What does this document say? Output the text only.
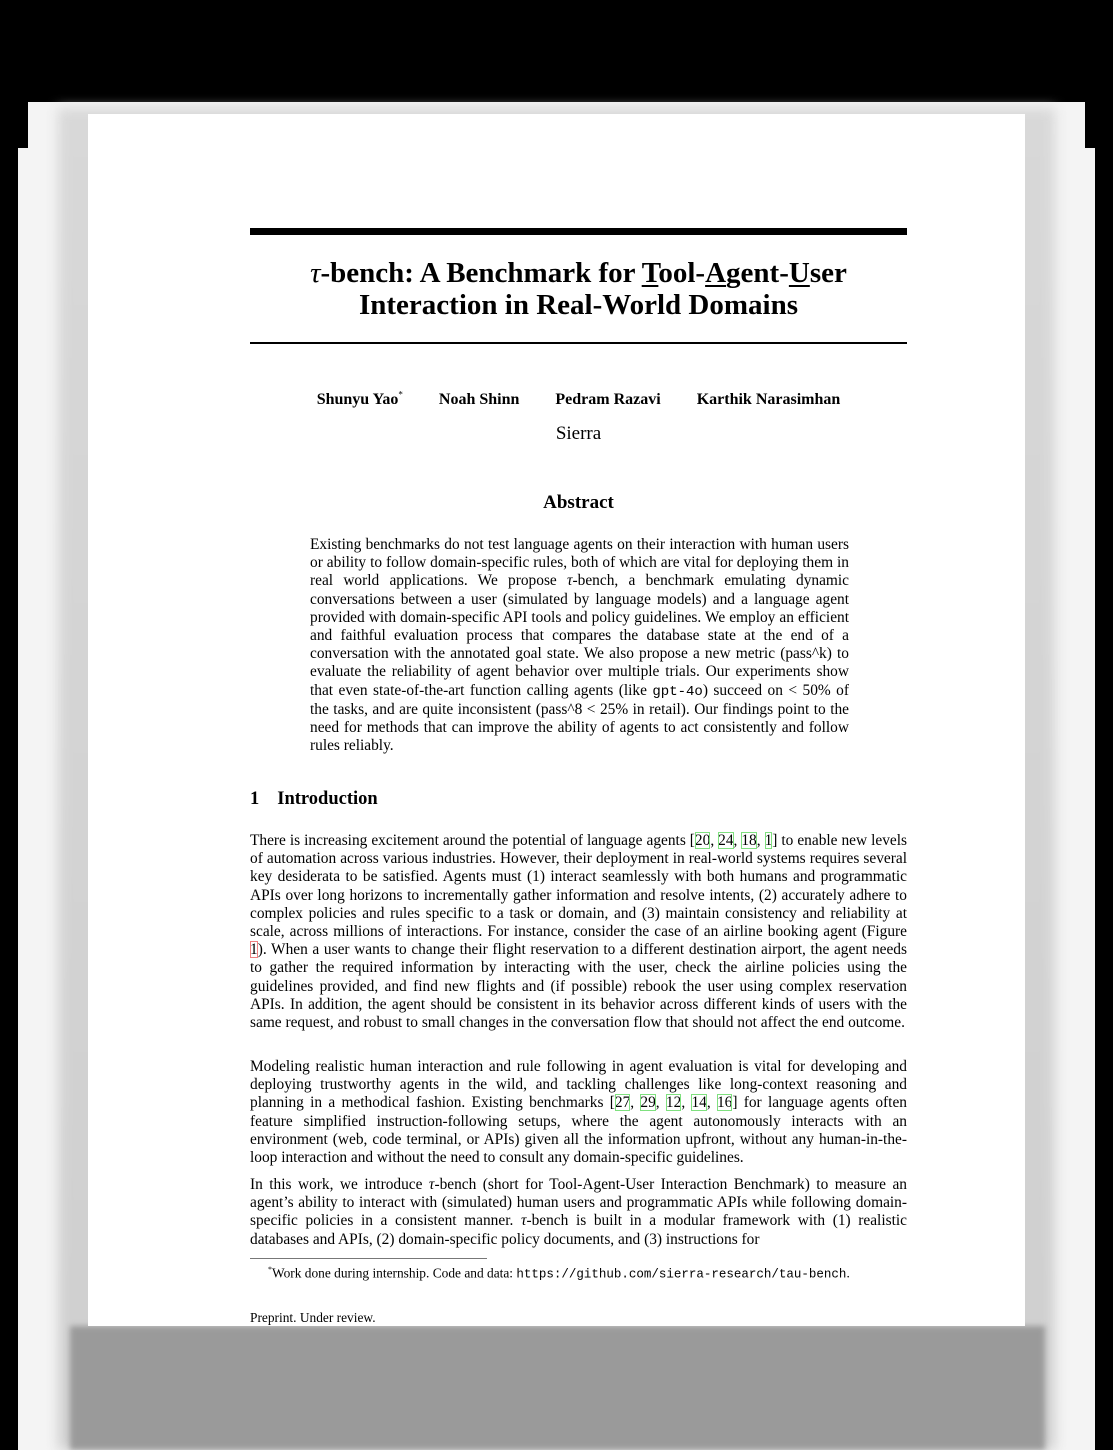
τ-bench: A Benchmark for Tool-Agent-User
Interaction in Real-World Domains
Shunyu Yao* Noah Shinn Pedram Razavi Karthik Narasimhan
Sierra
Abstract
Existing benchmarks do not test language agents on their interaction with human users or ability to follow domain-specific rules, both of which are vital for deploying them in real world applications. We propose τ-bench, a benchmark emulating dynamic conversations between a user (simulated by language models) and a language agent provided with domain-specific API tools and policy guidelines. We employ an efficient and faithful evaluation process that compares the database state at the end of a conversation with the annotated goal state. We also propose a new metric (pass^k) to evaluate the reliability of agent behavior over multiple trials. Our experiments show that even state-of-the-art function calling agents (like gpt-4o) succeed on < 50% of the tasks, and are quite inconsistent (pass^8 < 25% in retail). Our findings point to the need for methods that can improve the ability of agents to act consistently and follow rules reliably.
1 Introduction
There is increasing excitement around the potential of language agents [20, 24, 18, 1] to enable new levels of automation across various industries. However, their deployment in real-world systems requires several key desiderata to be satisfied. Agents must (1) interact seamlessly with both humans and programmatic APIs over long horizons to incrementally gather information and resolve intents, (2) accurately adhere to complex policies and rules specific to a task or domain, and (3) maintain consistency and reliability at scale, across millions of interactions. For instance, consider the case of an airline booking agent (Figure 1). When a user wants to change their flight reservation to a different destination airport, the agent needs to gather the required information by interacting with the user, check the airline policies using the guidelines provided, and find new flights and (if possible) rebook the user using complex reservation APIs. In addition, the agent should be consistent in its behavior across different kinds of users with the same request, and robust to small changes in the conversation flow that should not affect the end outcome.
Modeling realistic human interaction and rule following in agent evaluation is vital for developing and deploying trustworthy agents in the wild, and tackling challenges like long-context reasoning and planning in a methodical fashion. Existing benchmarks [27, 29, 12, 14, 16] for language agents often feature simplified instruction-following setups, where the agent autonomously interacts with an environment (web, code terminal, or APIs) given all the information upfront, without any human-in-the-loop interaction and without the need to consult any domain-specific guidelines.
In this work, we introduce τ-bench (short for Tool-Agent-User Interaction Benchmark) to measure an agent’s ability to interact with (simulated) human users and programmatic APIs while following domain-specific policies in a consistent manner. τ-bench is built in a modular framework with (1) realistic databases and APIs, (2) domain-specific policy documents, and (3) instructions for
*Work done during internship. Code and data: https://github.com/sierra-research/tau-bench.
Preprint. Under review.
